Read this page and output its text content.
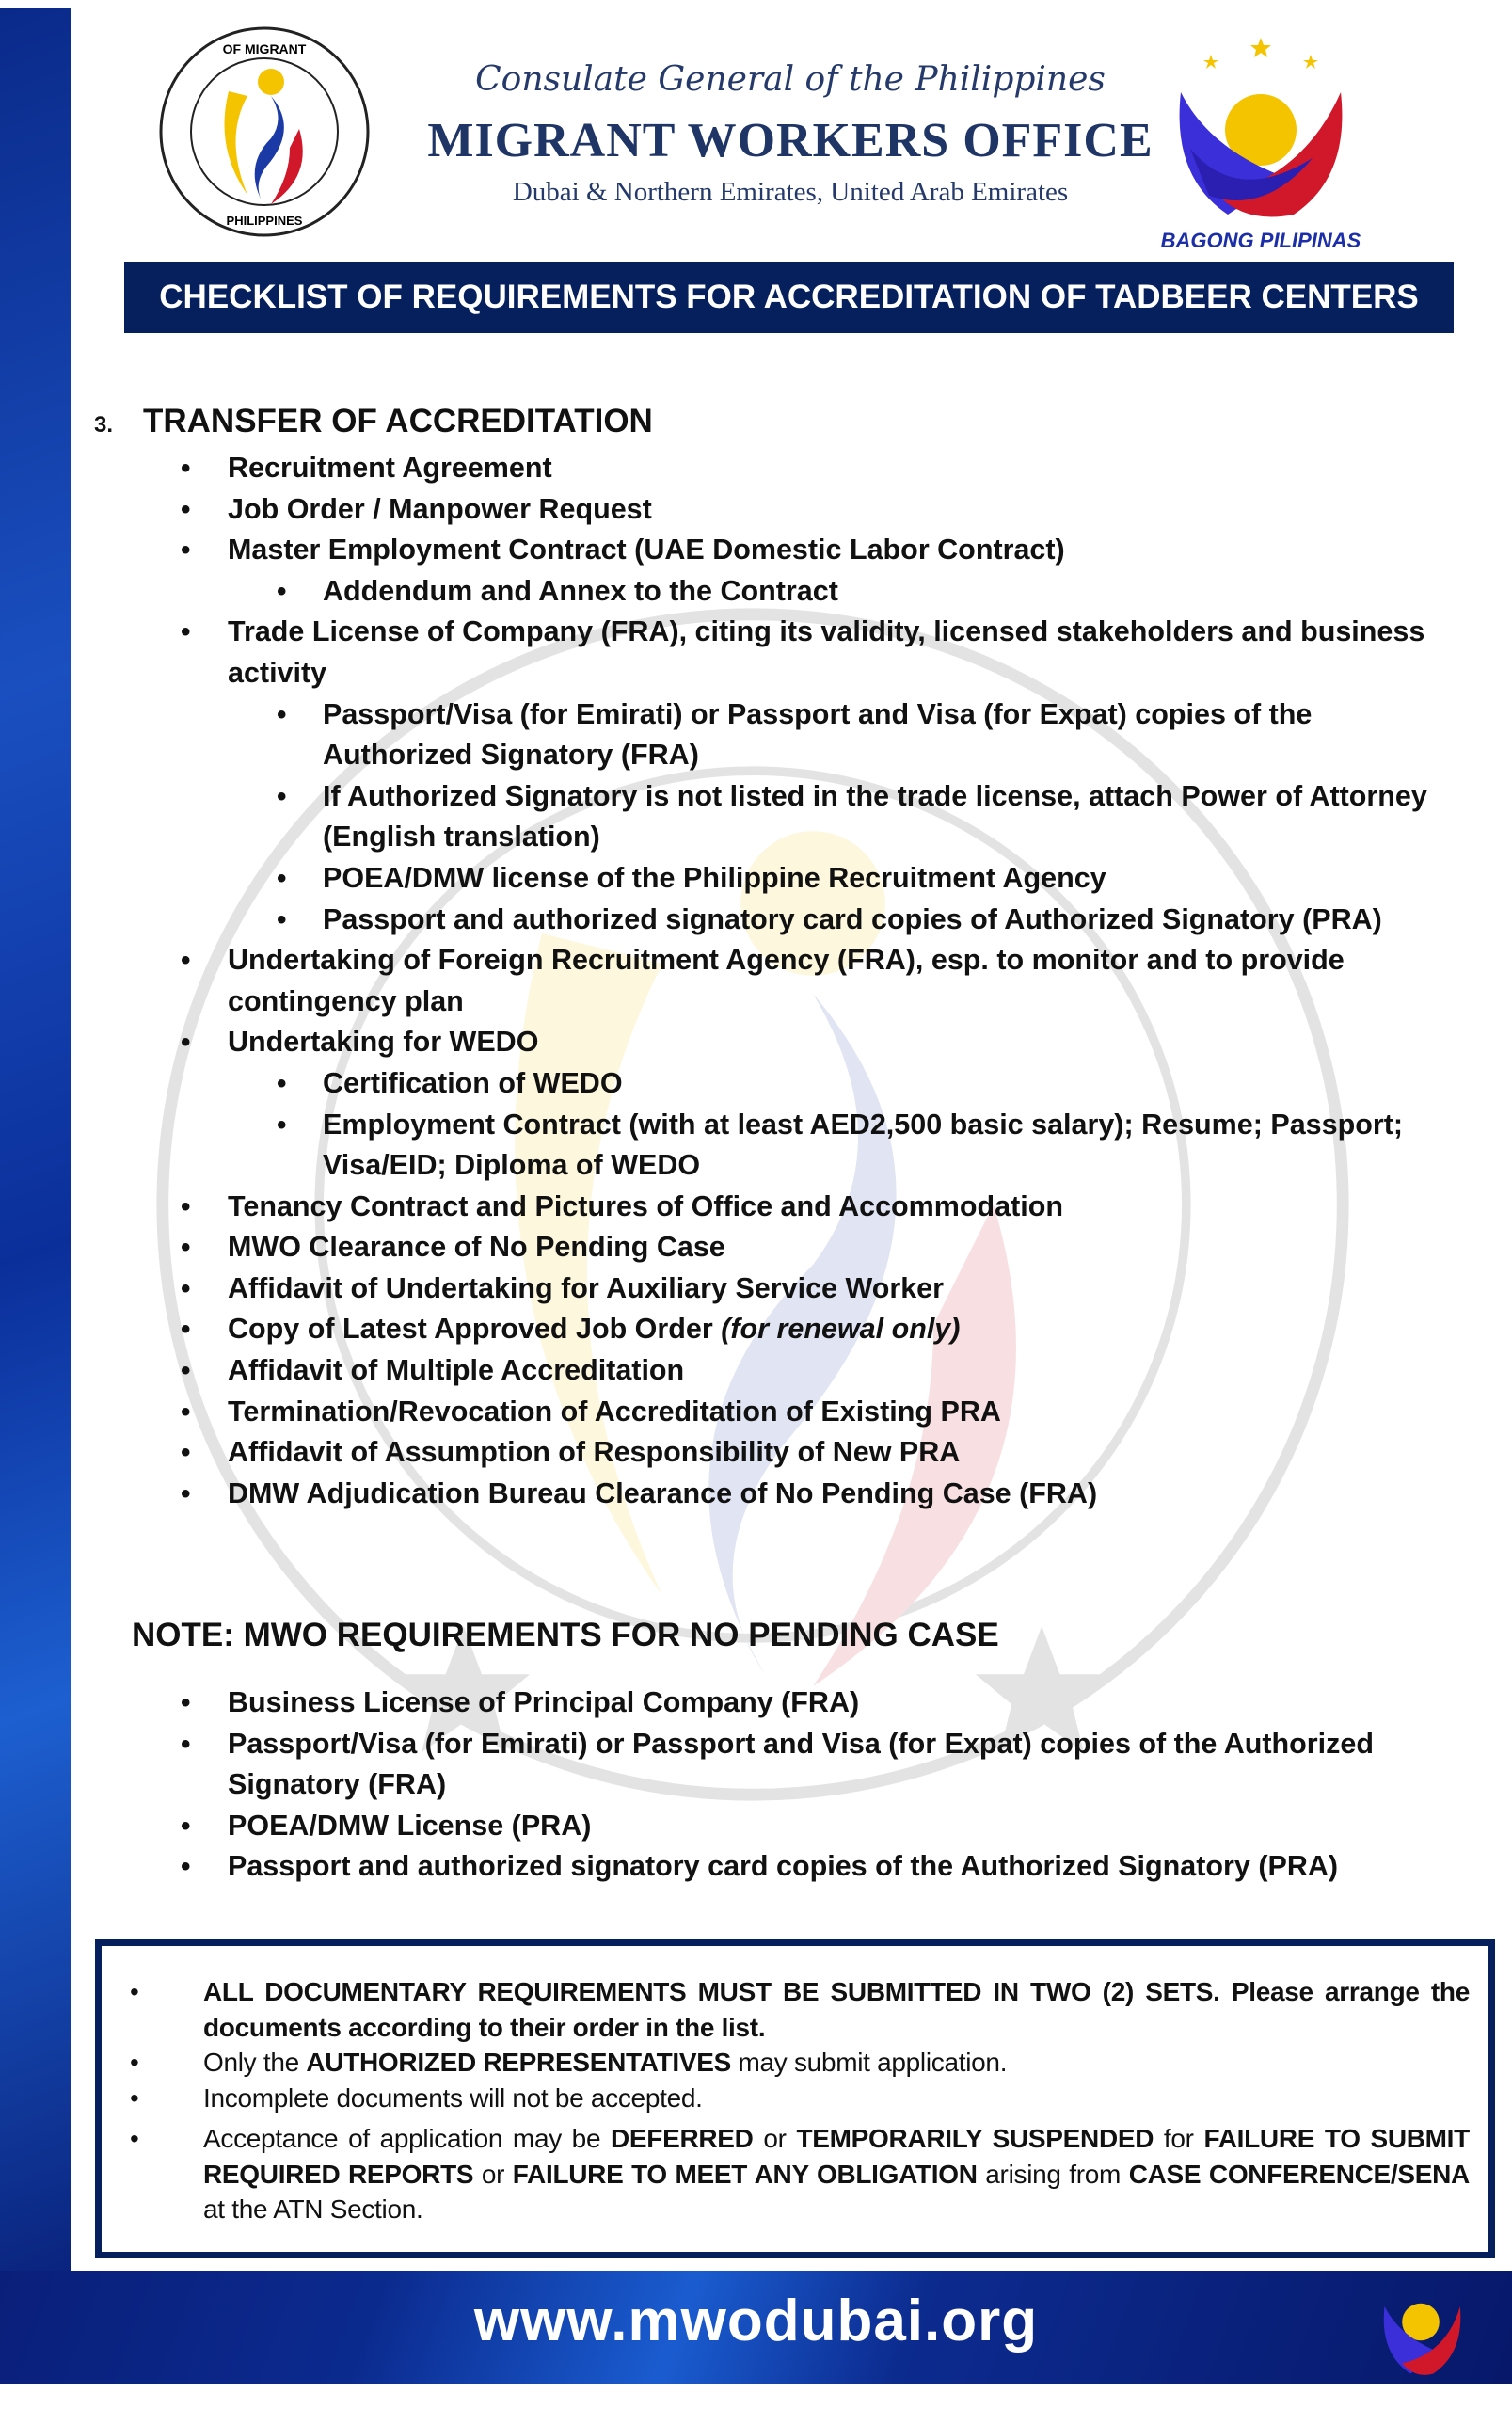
OF MIGRANT
PHILIPPINES
Consulate General of the Philippines
MIGRANT WORKERS OFFICE
Dubai & Northern Emirates, United Arab Emirates
BAGONG PILIPINAS
CHECKLIST OF REQUIREMENTS FOR ACCREDITATION OF TADBEER CENTERS
3. TRANSFER OF ACCREDITATION
• Recruitment Agreement
• Job Order / Manpower Request
• Master Employment Contract (UAE Domestic Labor Contract)
• Addendum and Annex to the Contract
• Trade License of Company (FRA), citing its validity, licensed stakeholders and business activity
• Passport/Visa (for Emirati) or Passport and Visa (for Expat) copies of the Authorized Signatory (FRA)
• If Authorized Signatory is not listed in the trade license, attach Power of Attorney (English translation)
• POEA/DMW license of the Philippine Recruitment Agency
• Passport and authorized signatory card copies of Authorized Signatory (PRA)
• Undertaking of Foreign Recruitment Agency (FRA), esp. to monitor and to provide contingency plan
• Undertaking for WEDO
• Certification of WEDO
• Employment Contract (with at least AED2,500 basic salary); Resume; Passport; Visa/EID; Diploma of WEDO
• Tenancy Contract and Pictures of Office and Accommodation
• MWO Clearance of No Pending Case
• Affidavit of Undertaking for Auxiliary Service Worker
• Copy of Latest Approved Job Order (for renewal only)
• Affidavit of Multiple Accreditation
• Termination/Revocation of Accreditation of Existing PRA
• Affidavit of Assumption of Responsibility of New PRA
• DMW Adjudication Bureau Clearance of No Pending Case (FRA)
NOTE: MWO REQUIREMENTS FOR NO PENDING CASE
• Business License of Principal Company (FRA)
• Passport/Visa (for Emirati) or Passport and Visa (for Expat) copies of the Authorized Signatory (FRA)
• POEA/DMW License (PRA)
• Passport and authorized signatory card copies of the Authorized Signatory (PRA)
• ALL DOCUMENTARY REQUIREMENTS MUST BE SUBMITTED IN TWO (2) SETS. Please arrange the documents according to their order in the list.
• Only the AUTHORIZED REPRESENTATIVES may submit application.
• Incomplete documents will not be accepted.
• Acceptance of application may be DEFERRED or TEMPORARILY SUSPENDED for FAILURE TO SUBMIT REQUIRED REPORTS or FAILURE TO MEET ANY OBLIGATION arising from CASE CONFERENCE/SENA at the ATN Section.
www.mwodubai.org
